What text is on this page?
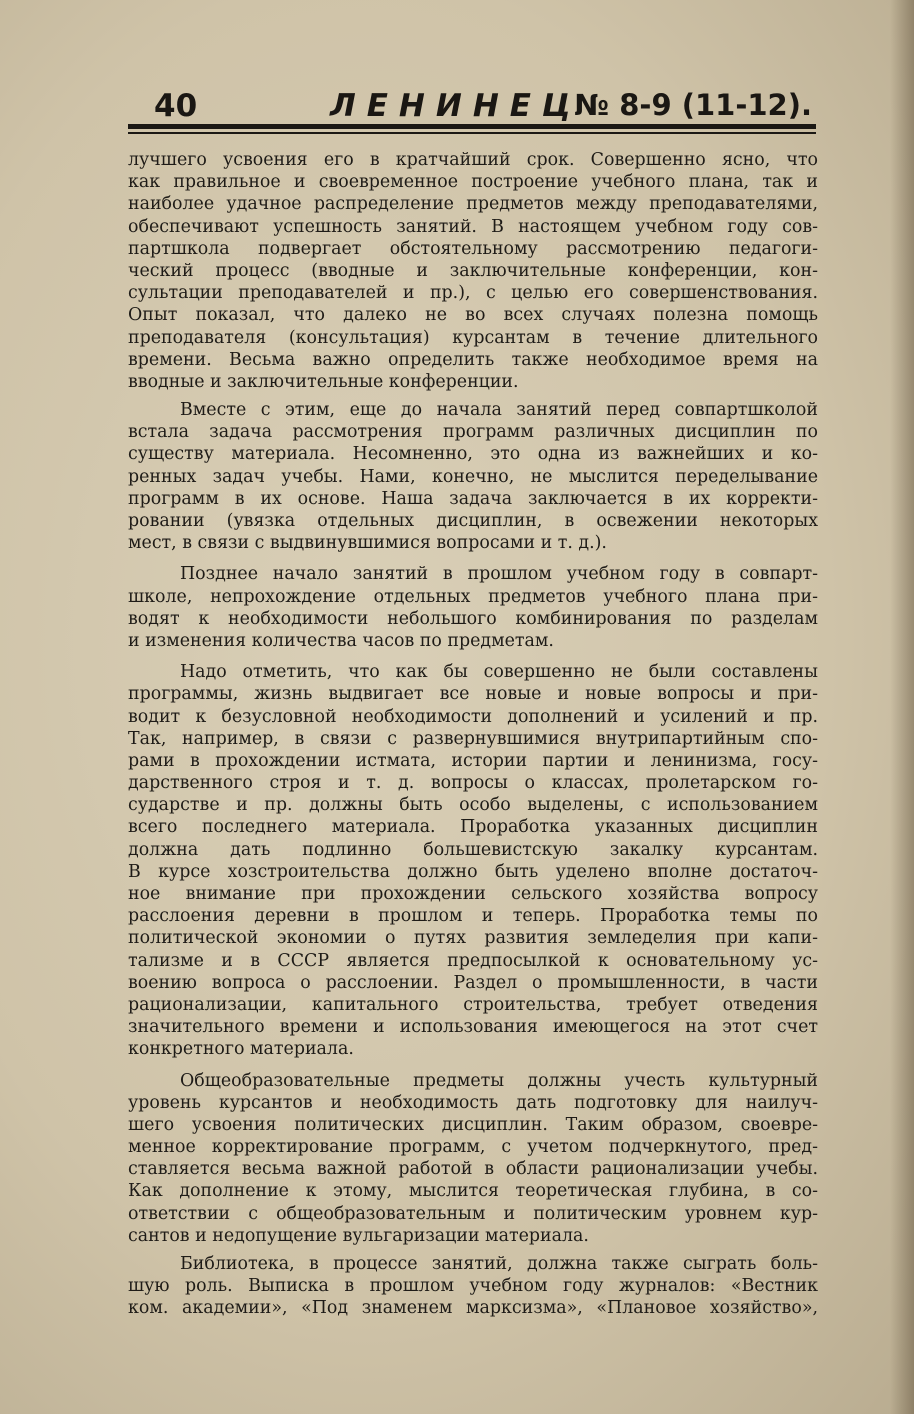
40	ЛЕНИНЕЦ
№ 8-9 (11-12).
лучшего усвоения его в кратчайший срок. Совершенно ясно, что
как правильное и своевременное построение учебного плана, так и
наиболее удачное распределение предметов между преподавателями,
обеспечивают успешность занятий. В настоящем учебном году сов-
партшкола подвергает обстоятельному рассмотрению педагоги-
ческий процесс (вводные и заключительные конференции, кон-
сультации преподавателей и пр.), с целью его совершенствования.
Опыт показал, что далеко не во всех случаях полезна помощь
преподавателя (консультация) курсантам в течение длительного
времени. Весьма важно определить также необходимое время на
вводные и заключительные конференции.
Вместе с этим, еще до начала занятий перед совпартшколой
встала задача рассмотрения программ различных дисциплин по
существу материала. Несомненно, это одна из важнейших и ко-
ренных задач учебы. Нами, конечно, не мыслится переделывание
программ в их основе. Наша задача заключается в их корректи-
ровании (увязка отдельных дисциплин, в освежении некоторых
мест, в связи с выдвинувшимися вопросами и т. д.).
Позднее начало занятий в прошлом учебном году в совпарт-
школе, непрохождение отдельных предметов учебного плана при-
водят к необходимости небольшого комбинирования по разделам
и изменения количества часов по предметам.
Надо отметить, что как бы совершенно не были составлены
программы, жизнь выдвигает все новые и новые вопросы и при-
водит к безусловной необходимости дополнений и усилений и пр.
Так, например, в связи с развернувшимися внутрипартийным спо-
рами в прохождении истмата, истории партии и ленинизма, госу-
дарственного строя и т. д. вопросы о классах, пролетарском го-
сударстве и пр. должны быть особо выделены, с использованием
всего последнего материала. Проработка указанных дисциплин
должна дать подлинно большевистскую закалку курсантам.
В курсе хозстроительства должно быть уделено вполне достаточ-
ное внимание при прохождении сельского хозяйства вопросу
расслоения деревни в прошлом и теперь. Проработка темы по
политической экономии о путях развития земледелия при капи-
тализме и в СССР является предпосылкой к основательному ус-
воению вопроса о расслоении. Раздел о промышленности, в части
рационализации, капитального строительства, требует отведения
значительного времени и использования имеющегося на этот счет
конкретного материала.
Общеобразовательные предметы должны учесть культурный
уровень курсантов и необходимость дать подготовку для наилуч-
шего усвоения политических дисциплин. Таким образом, своевре-
менное корректирование программ, с учетом подчеркнутого, пред-
ставляется весьма важной работой в области рационализации учебы.
Как дополнение к этому, мыслится теоретическая глубина, в со-
ответствии с общеобразовательным и политическим уровнем кур-
сантов и недопущение вульгаризации материала.
Библиотека, в процессе занятий, должна также сыграть боль-
шую роль. Выписка в прошлом учебном году журналов: «Вестник
ком. академии», «Под знаменем марксизма», «Плановое хозяйство»,
